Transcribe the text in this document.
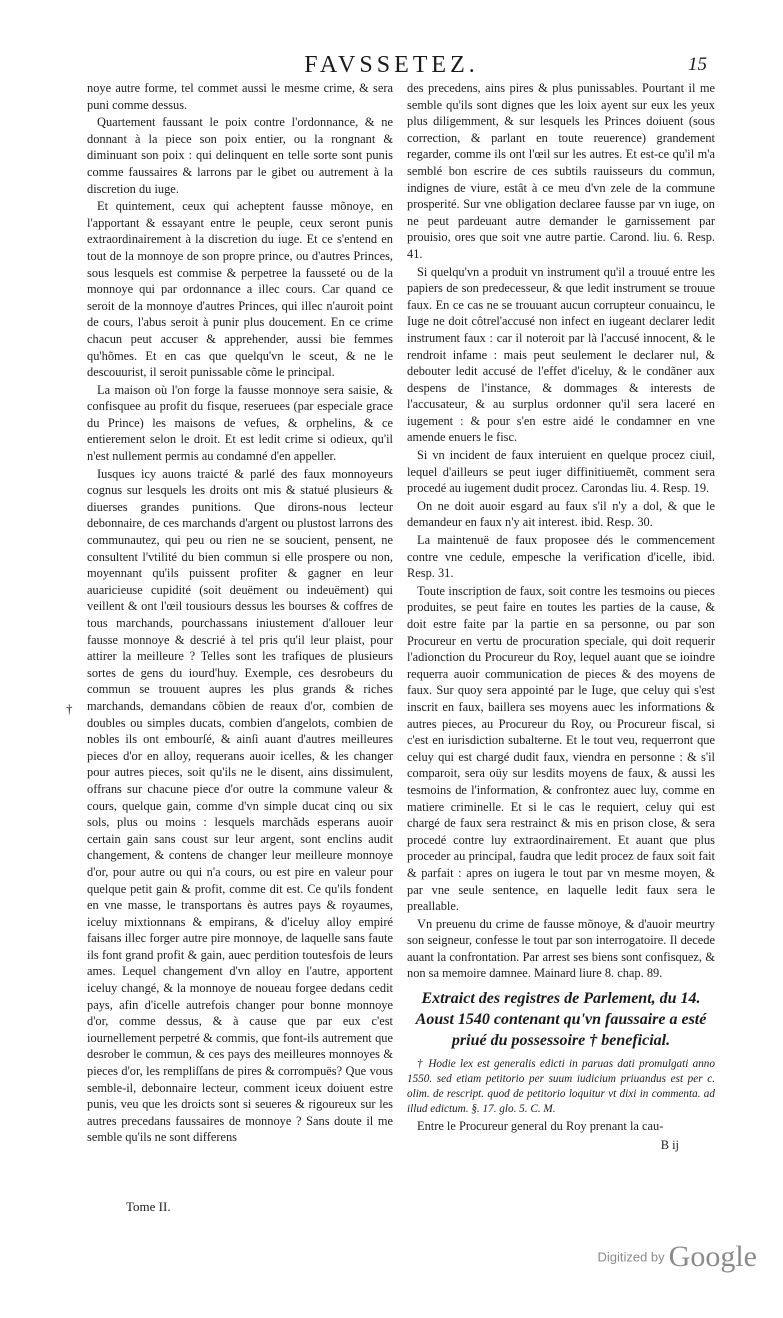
FAVSSETEZ.	15

noye autre forme, tel commet aussi le mesme crime, & sera puni comme dessus.

Quartement faussant le poix contre l'ordonnance, & ne donnant à la piece son poix entier, ou la rongnant & diminuant son poix : qui delinquent en telle sorte sont punis comme faussaires & larrons par le gibet ou autrement à la discretion du iuge.

Et quintement, ceux qui acheptent fausse mõnoye, en l'apportant & essayant entre le peuple, ceux seront punis extraordinairement à la discretion du iuge. Et ce s'entend en tout de la monnoye de son propre prince, ou d'autres Princes, sous lesquels est commise & perpetree la fausseté ou de la monnoye qui par ordonnance a illec cours. Car quand ce seroit de la monnoye d'autres Princes, qui illec n'auroit point de cours, l'abus seroit à punir plus doucement. En ce crime chacun peut accuser & apprehender, aussi bie femmes qu'hõmes. Et en cas que quelqu'vn le sceut, & ne le descouurist, il seroit punissable cõme le principal.

La maison où l'on forge la fausse monnoye sera saisie, & confisquee au profit du fisque, reseruees (par especiale grace du Prince) les maisons de vefues, & orphelins, & ce entierement selon le droit. Et est ledit crime si odieux, qu'il n'est nullement permis au condamné d'en appeller.

Iusques icy auons traicté & parlé des faux monnoyeurs cognus sur lesquels les droits ont mis & statué plusieurs & diuerses grandes punitions. Que dirons-nous lecteur debonnaire, de ces marchands d'argent ou plustost larrons des communautez, qui peu ou rien ne se soucient, pensent, ne consultent l'vtilité du bien commun si elle prospere ou non, moyennant qu'ils puissent profiter & gagner en leur auaricieuse cupidité (soit deuëment ou indeuëment) qui veillent & ont l'œil tousiours dessus les bourses & coffres de tous marchands, pourchassans iniustement d'allouer leur fausse monnoye & descrié à tel pris qu'il leur plaist, pour attirer la meilleure ? Telles sont les trafiques de plusieurs sortes de gens du iourd'huy. Exemple, ces desrobeurs du commun se trouuent aupres les plus grands & riches marchands, demandans cõbien de reaux d'or, combien de doubles ou simples ducats, combien d'angelots, combien de nobles ils ont embourſé, & ainſi auant d'autres meilleures pieces d'or en alloy, requerans auoir icelles, & les changer pour autres pieces, soit qu'ils ne le disent, ains dissimulent, offrans sur chacune piece d'or outre la commune valeur & cours, quelque gain, comme d'vn simple ducat cinq ou six sols, plus ou moins : lesquels marchãds esperans auoir certain gain sans coust sur leur argent, sont enclins audit changement, & contens de changer leur meilleure monnoye d'or, pour autre ou qui n'a cours, ou est pire en valeur pour quelque petit gain & profit, comme dit est. Ce qu'ils fondent en vne masse, le transportans ès autres pays & royaumes, iceluy mixtionnans & empirans, & d'iceluy alloy empiré faisans illec forger autre pire monnoye, de laquelle sans faute ils font grand profit & gain, auec perdition toutesfois de leurs ames. Lequel changement d'vn alloy en l'autre, apportent iceluy changé, & la monnoye de noueau forgee dedans cedit pays, afin d'icelle autrefois changer pour bonne monnoye d'or, comme dessus, & à cause que par eux c'est iournellement perpetré & commis, que font-ils autrement que desrober le commun, & ces pays des meilleures monnoyes & pieces d'or, les rempliſſans de pires & corrompuës? Que vous semble-il, debonnaire lecteur, comment iceux doiuent estre punis, veu que les droicts sont si seueres & rigoureux sur les autres precedans faussaires de monnoye ? Sans doute il me semble qu'ils ne sont differens

†
Tome II.

des precedens, ains pires & plus punissables. Pourtant il me semble qu'ils sont dignes que les loix ayent sur eux les yeux plus diligemment, & sur lesquels les Princes doiuent (sous correction, & parlant en toute reuerence) grandement regarder, comme ils ont l'œil sur les autres. Et est-ce qu'il m'a semblé bon escrire de ces subtils rauisseurs du commun, indignes de viure, estât à ce meu d'vn zele de la commune prosperité. Sur vne obligation declaree fausse par vn iuge, on ne peut pardeuant autre demander le garnissement par prouisio, ores que soit vne autre partie. Carond. liu. 6. Resp. 41.

Si quelqu'vn a produit vn instrument qu'il a trouué entre les papiers de son predecesseur, & que ledit instrument se trouue faux. En ce cas ne se trouuant aucun corrupteur conuaincu, le Iuge ne doit côtrel'accusé non infect en iugeant declarer ledit instrument faux : car il noteroit par là l'accusé innocent, & le rendroit infame : mais peut seulement le declarer nul, & debouter ledit accusé de l'effet d'iceluy, & le condãner aux despens de l'instance, & dommages & interests de l'accusateur, & au surplus ordonner qu'il sera laceré en iugement : & pour s'en estre aidé le condamner en vne amende enuers le fisc.

Si vn incident de faux interuient en quelque procez ciuil, lequel d'ailleurs se peut iuger diffinitiuemẽt, comment sera procedé au iugement dudit procez. Carondas liu. 4. Resp. 19.

On ne doit auoir esgard au faux s'il n'y a dol, & que le demandeur en faux n'y ait interest. ibid. Resp. 30.

La maintenuë de faux proposee dés le commencement contre vne cedule, empesche la verification d'icelle, ibid. Resp. 31.

Toute inscription de faux, soit contre les tesmoins ou pieces produites, se peut faire en toutes les parties de la cause, & doit estre faite par la partie en sa personne, ou par son Procureur en vertu de procuration speciale, qui doit requerir l'adionction du Procureur du Roy, lequel auant que se ioindre requerra auoir communication de pieces & des moyens de faux. Sur quoy sera appointé par le Iuge, que celuy qui s'est inscrit en faux, baillera ses moyens auec les informations & autres pieces, au Procureur du Roy, ou Procureur fiscal, si c'est en iurisdiction subalterne. Et le tout veu, requerront que celuy qui est chargé dudit faux, viendra en personne : & s'il comparoit, sera oüy sur lesdits moyens de faux, & aussi les tesmoins de l'information, & confrontez auec luy, comme en matiere criminelle. Et si le cas le requiert, celuy qui est chargé de faux sera restrainct & mis en prison close, & sera procedé contre luy extraordinairement. Et auant que plus proceder au principal, faudra que ledit procez de faux soit fait & parfait : apres on iugera le tout par vn mesme moyen, & par vne seule sentence, en laquelle ledit faux sera le preallable.

Vn preuenu du crime de fausse mõnoye, & d'auoir meurtry son seigneur, confesse le tout par son interrogatoire. Il decede auant la confrontation. Par arrest ses biens sont confisquez, & non sa memoire damnee. Mainard liure 8. chap. 89.

Extraict des registres de Parlement, du 14. Aoust 1540 contenant qu'vn faussaire a esté priué du possessoire † beneficial.

† Hodie lex est generalis edicti in paruas dati promulgati anno 1550. sed etiam petitorio per suum iudicium priuandus est per c. olim. de rescript. quod de petitorio loquitur vt dixi in commenta. ad illud edictum. §. 17. glo. 5. C. M.

Entre le Procureur general du Roy prenant la cau-

B ij
Digitized by Google
